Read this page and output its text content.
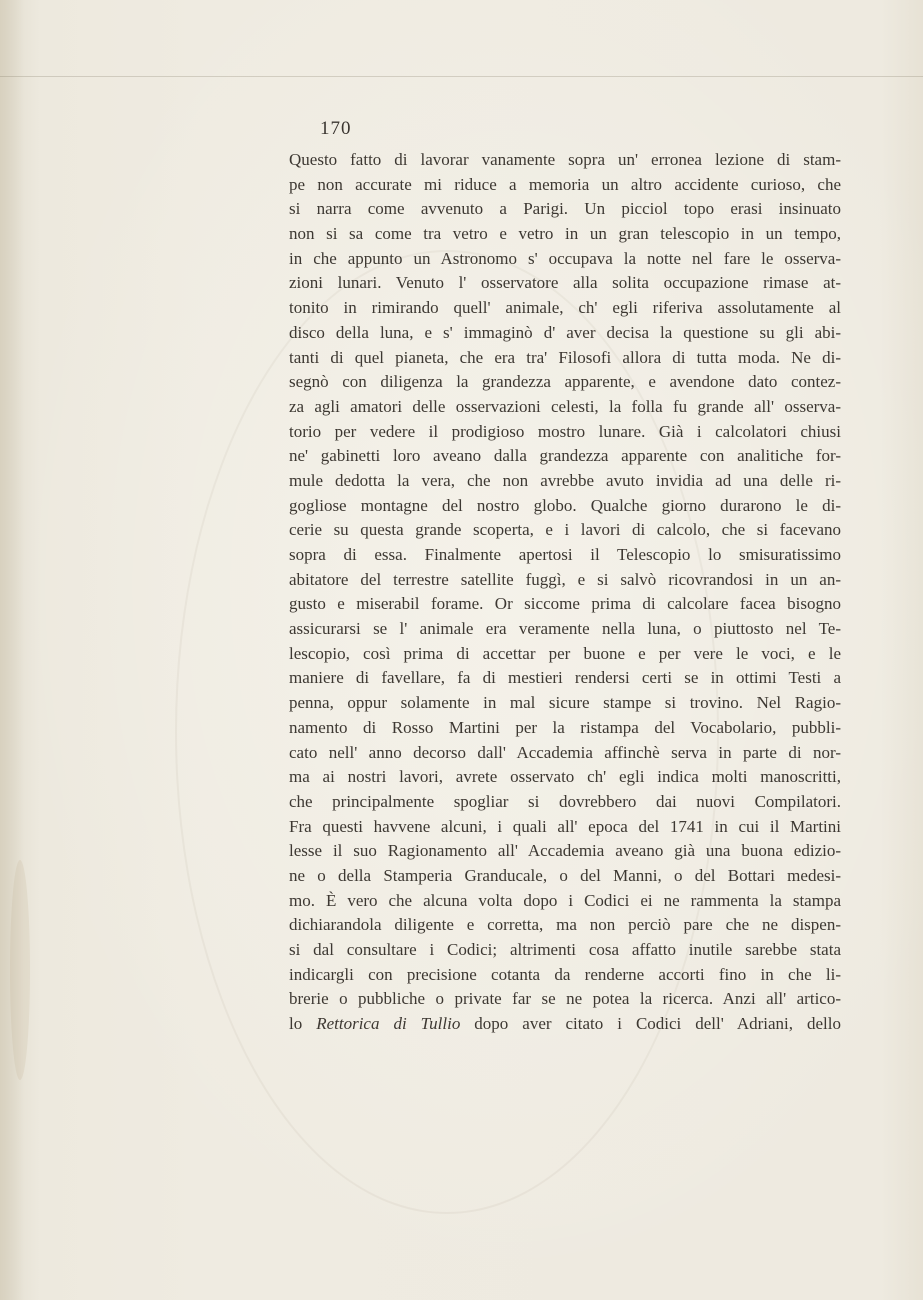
170
Questo fatto di lavorar vanamente sopra un' erronea lezione di stam-
pe non accurate mi riduce a memoria un altro accidente curioso, che
si narra come avvenuto a Parigi. Un picciol topo erasi insinuato
non si sa come tra vetro e vetro in un gran telescopio in un tempo,
in che appunto un Astronomo s' occupava la notte nel fare le osserva-
zioni lunari. Venuto l' osservatore alla solita occupazione rimase at-
tonito in rimirando quell' animale, ch' egli riferiva assolutamente al
disco della luna, e s' immaginò d' aver decisa la questione su gli abi-
tanti di quel pianeta, che era tra' Filosofi allora di tutta moda. Ne di-
segnò con diligenza la grandezza apparente, e avendone dato contez-
za agli amatori delle osservazioni celesti, la folla fu grande all' osserva-
torio per vedere il prodigioso mostro lunare. Già i calcolatori chiusi
ne' gabinetti loro aveano dalla grandezza apparente con analitiche for-
mule dedotta la vera, che non avrebbe avuto invidia ad una delle ri-
gogliose montagne del nostro globo. Qualche giorno durarono le di-
cerie su questa grande scoperta, e i lavori di calcolo, che si facevano
sopra di essa. Finalmente apertosi il Telescopio lo smisuratissimo
abitatore del terrestre satellite fuggì, e si salvò ricovrandosi in un an-
gusto e miserabil forame. Or siccome prima di calcolare facea bisogno
assicurarsi se l' animale era veramente nella luna, o piuttosto nel Te-
lescopio, così prima di accettar per buone e per vere le voci, e le
maniere di favellare, fa di mestieri rendersi certi se in ottimi Testi a
penna, oppur solamente in mal sicure stampe si trovino. Nel Ragio-
namento di Rosso Martini per la ristampa del Vocabolario, pubbli-
cato nell' anno decorso dall' Accademia affinchè serva in parte di nor-
ma ai nostri lavori, avrete osservato ch' egli indica molti manoscritti,
che principalmente spogliar si dovrebbero dai nuovi Compilatori.
Fra questi havvene alcuni, i quali all' epoca del 1741 in cui il Martini
lesse il suo Ragionamento all' Accademia aveano già una buona edizio-
ne o della Stamperia Granducale, o del Manni, o del Bottari medesi-
mo. È vero che alcuna volta dopo i Codici ei ne rammenta la stampa
dichiarandola diligente e corretta, ma non perciò pare che ne dispen-
si dal consultare i Codici; altrimenti cosa affatto inutile sarebbe stata
indicargli con precisione cotanta da renderne accorti fino in che li-
brerie o pubbliche o private far se ne potea la ricerca. Anzi all' artico-
lo Rettorica di Tullio dopo aver citato i Codici dell' Adriani, dello
